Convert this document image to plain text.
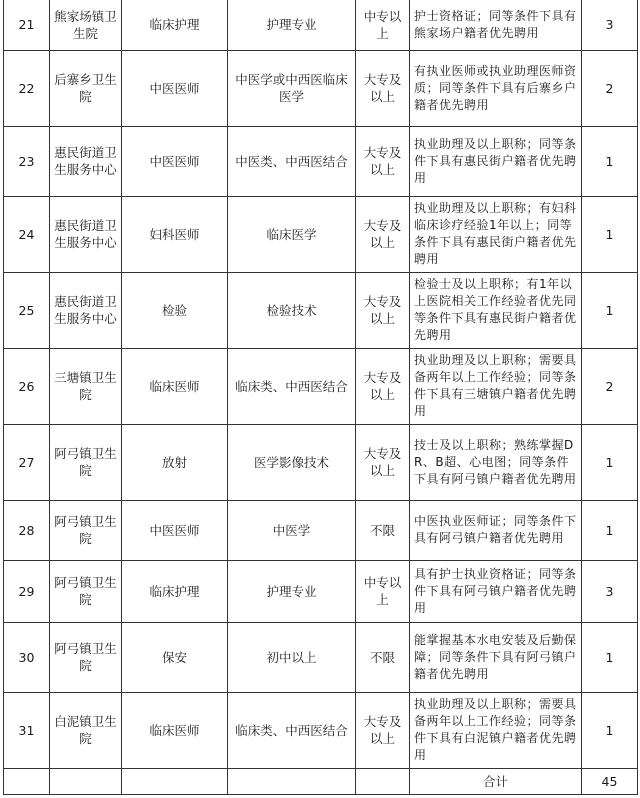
21	熊家场镇卫生院	临床护理	护理专业	中专以上	护士资格证；同等条件下具有熊家场户籍者优先聘用	3
22	后寨乡卫生院	中医医师	中医学或中西医临床医学	大专及以上	有执业医师或执业助理医师资质；同等条件下具有后寨乡户籍者优先聘用	2
23	惠民街道卫生服务中心	中医医师	中医类、中西医结合	大专及以上	执业助理及以上职称；同等条件下具有惠民街户籍者优先聘用	1
24	惠民街道卫生服务中心	妇科医师	临床医学	大专及以上	执业助理及以上职称；有妇科临床诊疗经验1年以上；同等条件下具有惠民街户籍者优先聘用	1
25	惠民街道卫生服务中心	检验	检验技术	大专及以上	检验士及以上职称；有1年以上医院相关工作经验者优先同等条件下具有惠民街户籍者优先聘用	1
26	三塘镇卫生院	临床医师	临床类、中西医结合	大专及以上	执业助理及以上职称；需要具备两年以上工作经验；同等条件下具有三塘镇户籍者优先聘用	2
27	阿弓镇卫生院	放射	医学影像技术	大专及以上	技士及以上职称；熟练掌握DR、B超、心电图；同等条件下具有阿弓镇户籍者优先聘用	1
28	阿弓镇卫生院	中医医师	中医学	不限	中医执业医师证；同等条件下具有阿弓镇户籍者优先聘用	1
29	阿弓镇卫生院	临床护理	护理专业	中专以上	具有护士执业资格证；同等条件下具有阿弓镇户籍者优先聘用	3
30	阿弓镇卫生院	保安	初中以上	不限	能掌握基本水电安装及后勤保障；同等条件下具有阿弓镇户籍者优先聘用	1
31	白泥镇卫生院	临床医师	临床类、中西医结合	大专及以上	执业助理及以上职称；需要具备两年以上工作经验；同等条件下具有白泥镇户籍者优先聘用	1
					合计	45
